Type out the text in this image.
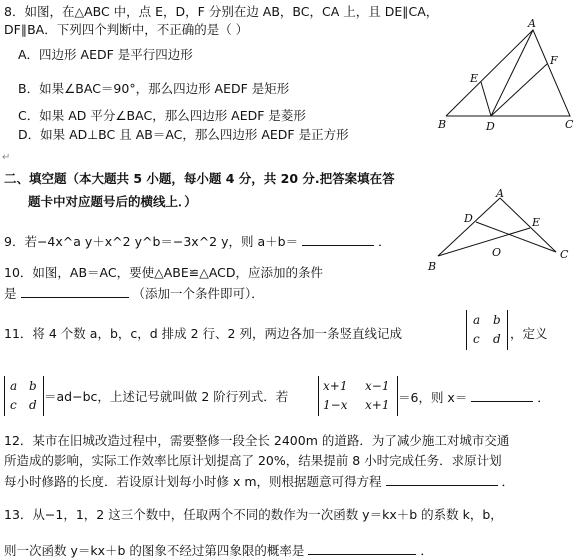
8．如图，在△ABC 中，点 E，D，F 分别在边 AB，BC，CA 上，且 DE∥CA，
DF∥BA．下列四个判断中，不正确的是（ ）
A．四边形 AEDF 是平行四边形
B．如果∠BAC＝90°，那么四边形 AEDF 是矩形
C．如果 AD 平分∠BAC，那么四边形 AEDF 是菱形
D．如果 AD⊥BC 且 AB＝AC，那么四边形 AEDF 是正方形
↵
A
B	C
D
E
F
二、填空题（本大题共 5 小题，每小题 4 分，共 20 分.把答案填在答
题卡中对应题号后的横线上．）
A
B
C
D	E
O
9．若−4x^a y＋x^2 y^b＝−3x^2 y，则 a＋b＝	．
10．如图，AB＝AC，要使△ABE≌△ACD，应添加的条件
是	（添加一个条件即可）．
11．将 4 个数 a，b，c，d 排成 2 行、2 列，两边各加一条竖直线记成
a b
c d ，定义
a b
c d
＝ad−bc，上述记号就叫做 2 阶行列式．若
x+1 x−1
1−x x+1 ＝6，则 x＝	．
12．某市在旧城改造过程中，需要整修一段全长 2400m 的道路．为了减少施工对城市交通
所造成的影响，实际工作效率比原计划提高了 20%，结果提前 8 小时完成任务．求原计划
每小时修路的长度．若设原计划每小时修 x m，则根据题意可得方程	．
13．从−1，1，2 这三个数中，任取两个不同的数作为一次函数 y＝kx＋b 的系数 k，b，
则一次函数 y＝kx＋b 的图象不经过第四象限的概率是	．
